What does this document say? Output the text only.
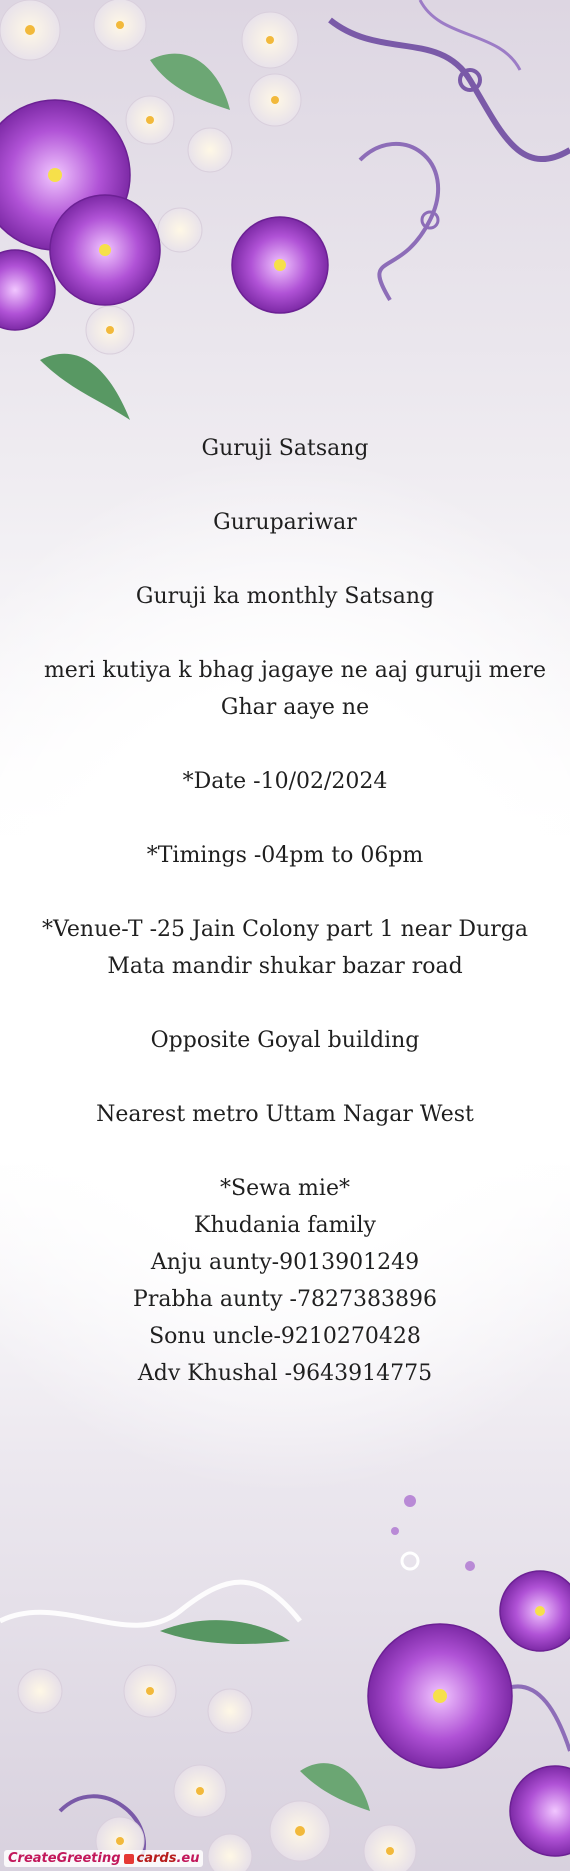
Guruji Satsang

Gurupariwar

Guruji ka monthly Satsang

meri kutiya k bhag jagaye ne aaj guruji mere Ghar aaye ne

*Date -10/02/2024

*Timings -04pm to 06pm

*Venue-T -25 Jain Colony part 1 near Durga Mata mandir shukar bazar road

Opposite Goyal building

Nearest metro Uttam Nagar West

*Sewa mie*

Khudania family

Anju aunty-9013901249

Prabha aunty -7827383896

Sonu uncle-9210270428

Adv Khushal -9643914775

CreateGreeting cards.eu
